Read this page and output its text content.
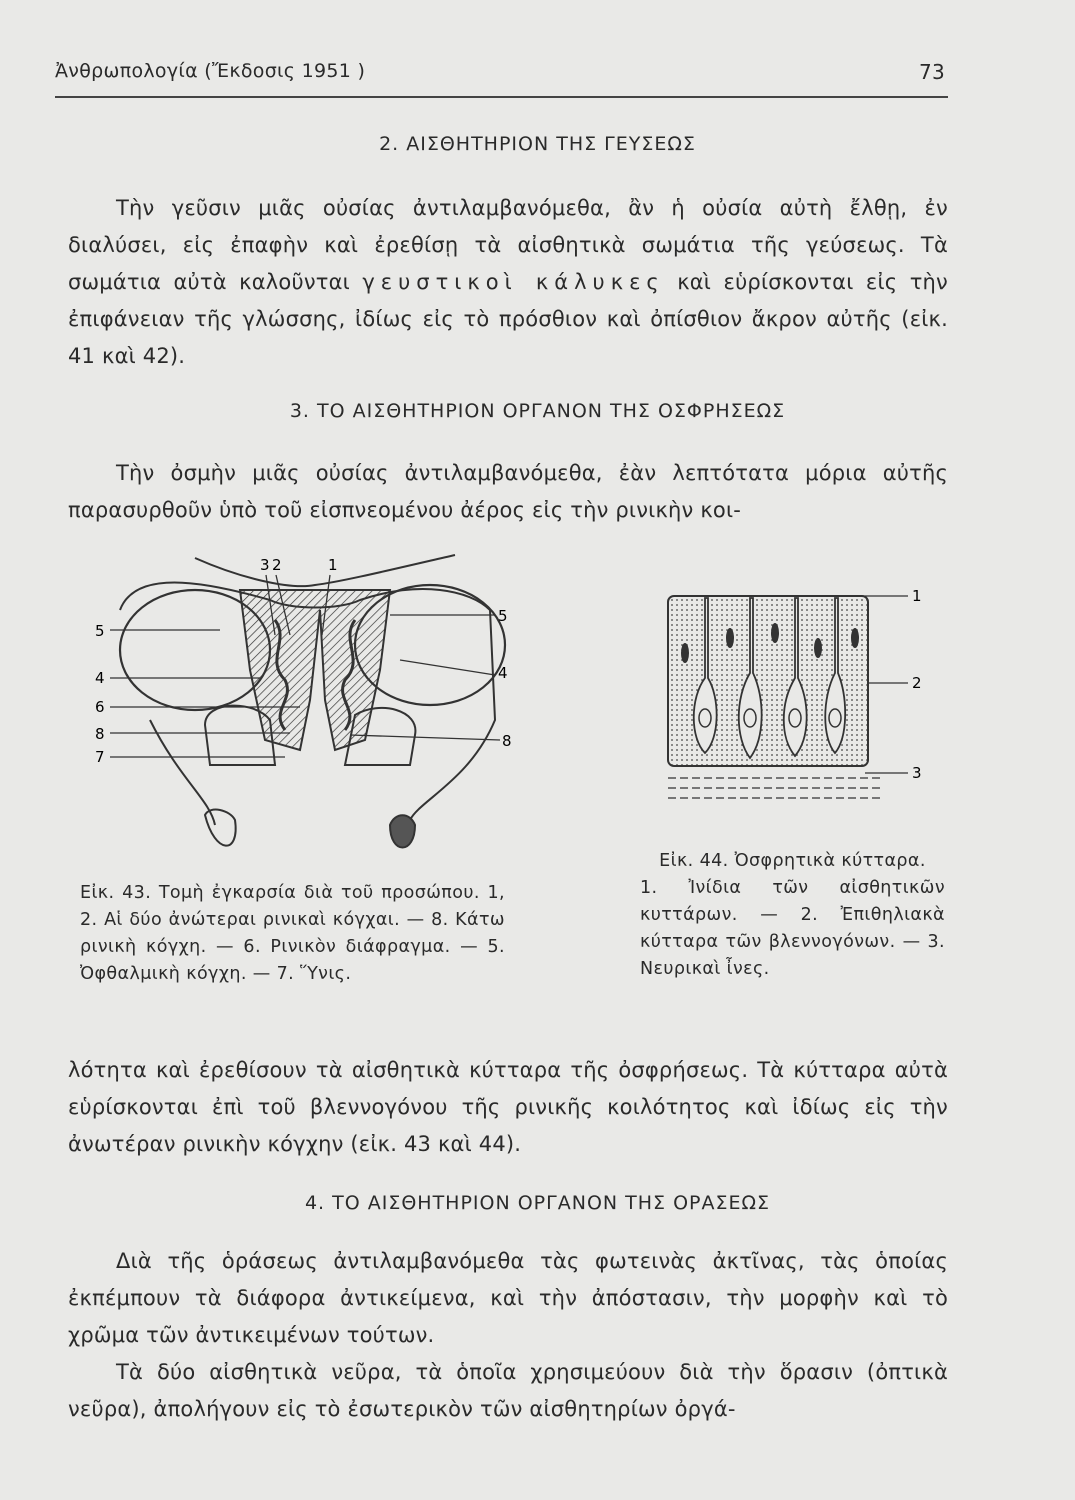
Ἀνθρωπολογία (Ἔκδοσις 1951 )	73
2. ΑΙΣΘΗΤΗΡΙΟΝ ΤΗΣ ΓΕΥΣΕΩΣ
Τὴν γεῦσιν μιᾶς οὐσίας ἀντιλαμβανόμεθα, ἂν ἡ οὐσία αὐτὴ ἔλθῃ, ἐν διαλύσει, εἰς ἐπαφὴν καὶ ἐρεθίσῃ τὰ αἰσθητικὰ σωμάτια τῆς γεύσεως. Τὰ σωμάτια αὐτὰ καλοῦνται γευστικοὶ κάλυκες καὶ εὑρίσκονται εἰς τὴν ἐπιφάνειαν τῆς γλώσσης, ἰδίως εἰς τὸ πρόσθιον καὶ ὀπίσθιον ἄκρον αὐτῆς (εἰκ. 41 καὶ 42).
3. ΤΟ ΑΙΣΘΗΤΗΡΙΟΝ ΟΡΓΑΝΟΝ ΤΗΣ ΟΣΦΡΗΣΕΩΣ
Τὴν ὀσμὴν μιᾶς οὐσίας ἀντιλαμβανόμεθα, ἐὰν λεπτότατα μόρια αὐτῆς παρασυρθοῦν ὑπὸ τοῦ εἰσπνεομένου ἀέρος εἰς τὴν ρινικὴν κοι-
3 2	1
5
4
6
8
7
5
4
8
1
2
3
Εἰκ. 43. Τομὴ ἐγκαρσία διὰ τοῦ προσώπου. 1, 2. Αἱ δύο ἀνώτεραι ρινικαὶ κόγχαι. — 8. Κάτω ρινικὴ κόγχη. — 6. Ρινικὸν διάφραγμα. — 5. Ὀφθαλμικὴ κόγχη. — 7. Ὕνις.
Εἰκ. 44. Ὀσφρητικὰ κύτταρα.
1. Ἰνίδια τῶν αἰσθητικῶν κυττάρων. — 2. Ἐπιθηλιακὰ κύτταρα τῶν βλεννογόνων. — 3. Νευρικαὶ ἶνες.
λότητα καὶ ἐρεθίσουν τὰ αἰσθητικὰ κύτταρα τῆς ὀσφρήσεως. Τὰ κύτταρα αὐτὰ εὑρίσκονται ἐπὶ τοῦ βλεννογόνου τῆς ρινικῆς κοιλότητος καὶ ἰδίως εἰς τὴν ἀνωτέραν ρινικὴν κόγχην (εἰκ. 43 καὶ 44).
4. ΤΟ ΑΙΣΘΗΤΗΡΙΟΝ ΟΡΓΑΝΟΝ ΤΗΣ ΟΡΑΣΕΩΣ
Διὰ τῆς ὁράσεως ἀντιλαμβανόμεθα τὰς φωτεινὰς ἀκτῖνας, τὰς ὁποίας ἐκπέμπουν τὰ διάφορα ἀντικείμενα, καὶ τὴν ἀπόστασιν, τὴν μορφὴν καὶ τὸ χρῶμα τῶν ἀντικειμένων τούτων.
Τὰ δύο αἰσθητικὰ νεῦρα, τὰ ὁποῖα χρησιμεύουν διὰ τὴν ὅρασιν (ὀπτικὰ νεῦρα), ἀπολήγουν εἰς τὸ ἐσωτερικὸν τῶν αἰσθητηρίων ὀργά-
